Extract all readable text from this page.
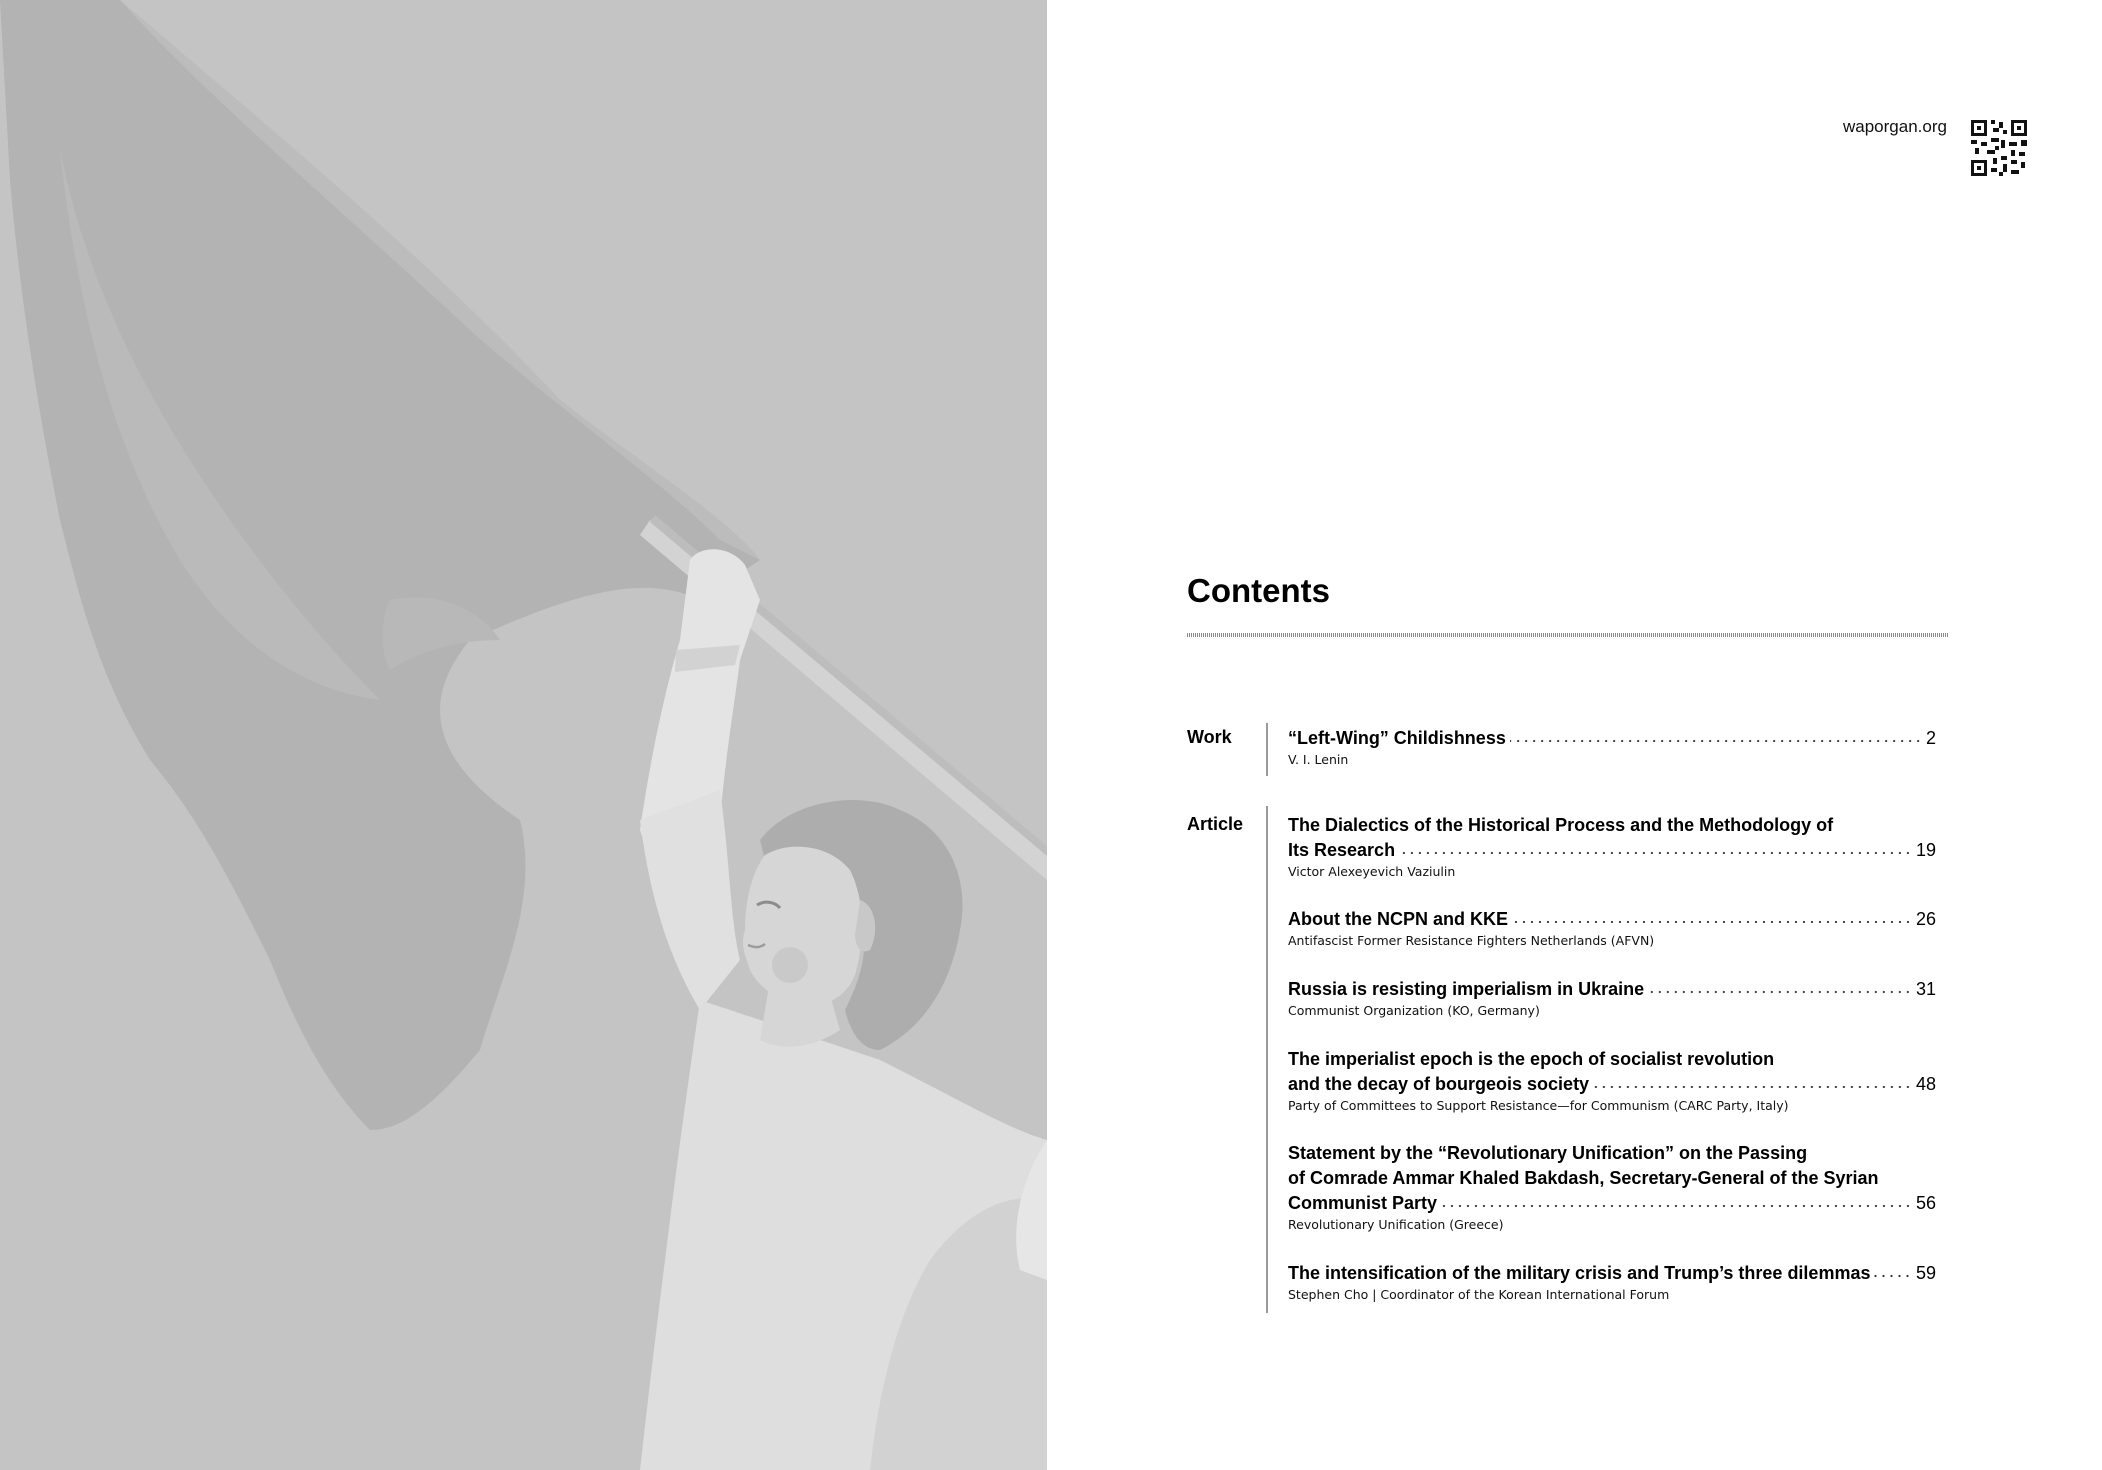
waporgan.org
Contents
Work	“Left-Wing” Childishness	2
V. I. Lenin
Article The Dialectics of the Historical Process and the Methodology of
Its Research	19
Victor Alexeyevich Vaziulin
About the NCPN and KKE	26
Antifascist Former Resistance Fighters Netherlands (AFVN)
Russia is resisting imperialism in Ukraine	31
Communist Organization (KO, Germany)
The imperialist epoch is the epoch of socialist revolution
and the decay of bourgeois society	48
Party of Committees to Support Resistance—for Communism (CARC Party, Italy)
Statement by the “Revolutionary Unification” on the Passing
of Comrade Ammar Khaled Bakdash, Secretary-General of the Syrian
Communist Party	56
Revolutionary Unification (Greece)
The intensification of the military crisis and Trump’s three dilemmas	59
Stephen Cho | Coordinator of the Korean International Forum
